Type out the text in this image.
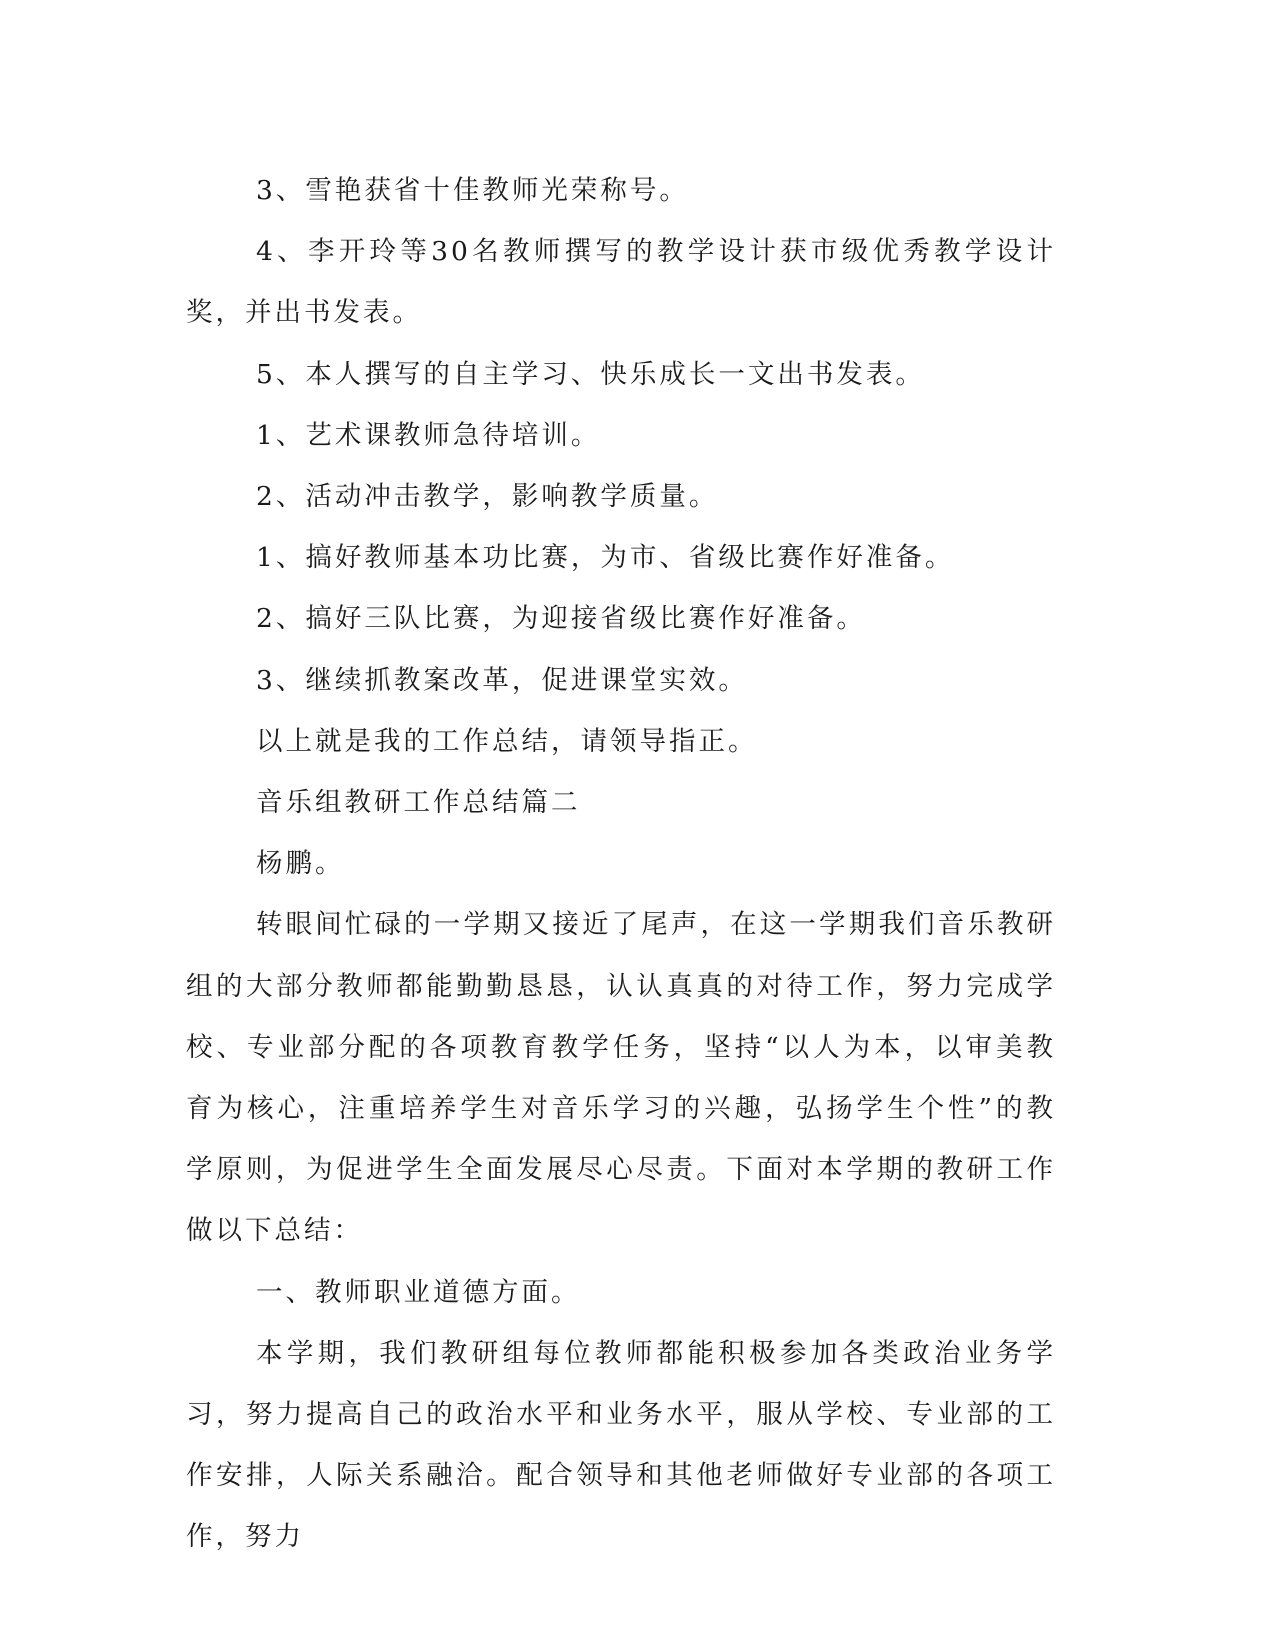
3、雪艳获省十佳教师光荣称号。

4、李开玲等30名教师撰写的教学设计获市级优秀教学设计奖，并出书发表。

5、本人撰写的自主学习、快乐成长一文出书发表。

1、艺术课教师急待培训。

2、活动冲击教学，影响教学质量。

1、搞好教师基本功比赛，为市、省级比赛作好准备。

2、搞好三队比赛，为迎接省级比赛作好准备。

3、继续抓教案改革，促进课堂实效。

以上就是我的工作总结，请领导指正。

音乐组教研工作总结篇二

杨鹏。

转眼间忙碌的一学期又接近了尾声，在这一学期我们音乐教研组的大部分教师都能勤勤恳恳，认认真真的对待工作，努力完成学校、专业部分配的各项教育教学任务，坚持“以人为本，以审美教育为核心，注重培养学生对音乐学习的兴趣，弘扬学生个性”的教学原则，为促进学生全面发展尽心尽责。下面对本学期的教研工作做以下总结：

一、教师职业道德方面。

本学期，我们教研组每位教师都能积极参加各类政治业务学习，努力提高自己的政治水平和业务水平，服从学校、专业部的工作安排，人际关系融洽。配合领导和其他老师做好专业部的各项工作，努力
